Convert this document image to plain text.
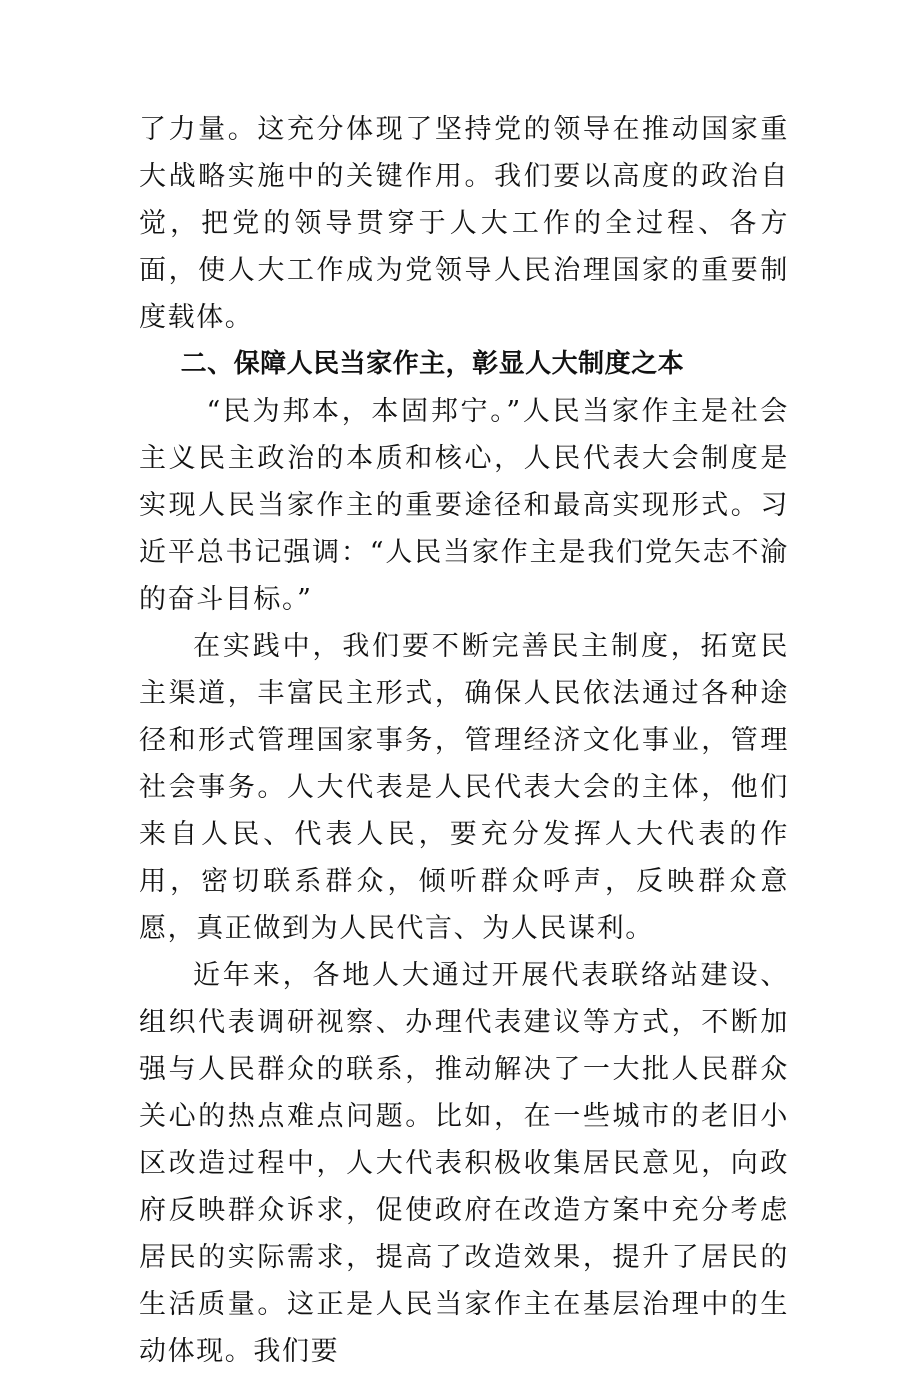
了力量。这充分体现了坚持党的领导在推动国家重大战略实施中的关键作用。我们要以高度的政治自觉，把党的领导贯穿于人大工作的全过程、各方面，使人大工作成为党领导人民治理国家的重要制度载体。

二、保障人民当家作主，彰显人大制度之本

“民为邦本，本固邦宁。”人民当家作主是社会主义民主政治的本质和核心，人民代表大会制度是实现人民当家作主的重要途径和最高实现形式。习近平总书记强调：“人民当家作主是我们党矢志不渝的奋斗目标。”

在实践中，我们要不断完善民主制度，拓宽民主渠道，丰富民主形式，确保人民依法通过各种途径和形式管理国家事务，管理经济文化事业，管理社会事务。人大代表是人民代表大会的主体，他们来自人民、代表人民，要充分发挥人大代表的作用，密切联系群众，倾听群众呼声，反映群众意愿，真正做到为人民代言、为人民谋利。

近年来，各地人大通过开展代表联络站建设、组织代表调研视察、办理代表建议等方式，不断加强与人民群众的联系，推动解决了一大批人民群众关心的热点难点问题。比如，在一些城市的老旧小区改造过程中，人大代表积极收集居民意见，向政府反映群众诉求，促使政府在改造方案中充分考虑居民的实际需求，提高了改造效果，提升了居民的生活质量。这正是人民当家作主在基层治理中的生动体现。我们要
